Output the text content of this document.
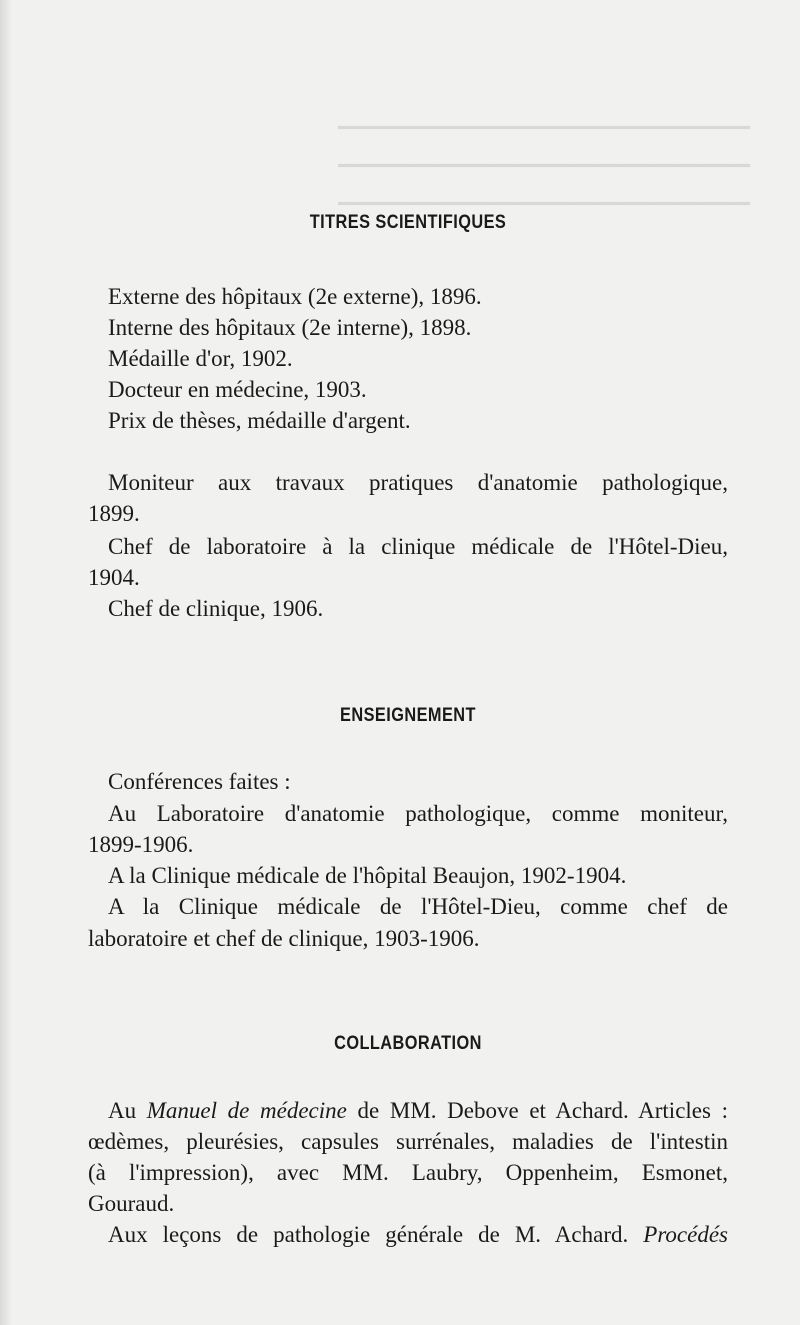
━━━━━━━━━━━━━━━━━━━━━━━━━━━━━━━━━━━━
━━━━━━━━━━━━━━━━━━━━━━━━━━━━━━━━━━━━
━━━━━━━━━━━━━━━━━━━━━━━━━━━━━━━━━━━━
TITRES SCIENTIFIQUES
Externe des hôpitaux (2e externe), 1896.
Interne des hôpitaux (2e interne), 1898.
Médaille d'or, 1902.
Docteur en médecine, 1903.
Prix de thèses, médaille d'argent.
Moniteur aux travaux pratiques d'anatomie pathologique,
1899.
Chef de laboratoire à la clinique médicale de l'Hôtel-Dieu,
1904.
Chef de clinique, 1906.
ENSEIGNEMENT
Conférences faites :
Au Laboratoire d'anatomie pathologique, comme moniteur,
1899-1906.
A la Clinique médicale de l'hôpital Beaujon, 1902-1904.
A la Clinique médicale de l'Hôtel-Dieu, comme chef de
laboratoire et chef de clinique, 1903-1906.
COLLABORATION
Au Manuel de médecine de MM. Debove et Achard. Articles :
œdèmes, pleurésies, capsules surrénales, maladies de l'intestin
(à l'impression), avec MM. Laubry, Oppenheim, Esmonet,
Gouraud.
Aux leçons de pathologie générale de M. Achard. Procédés
